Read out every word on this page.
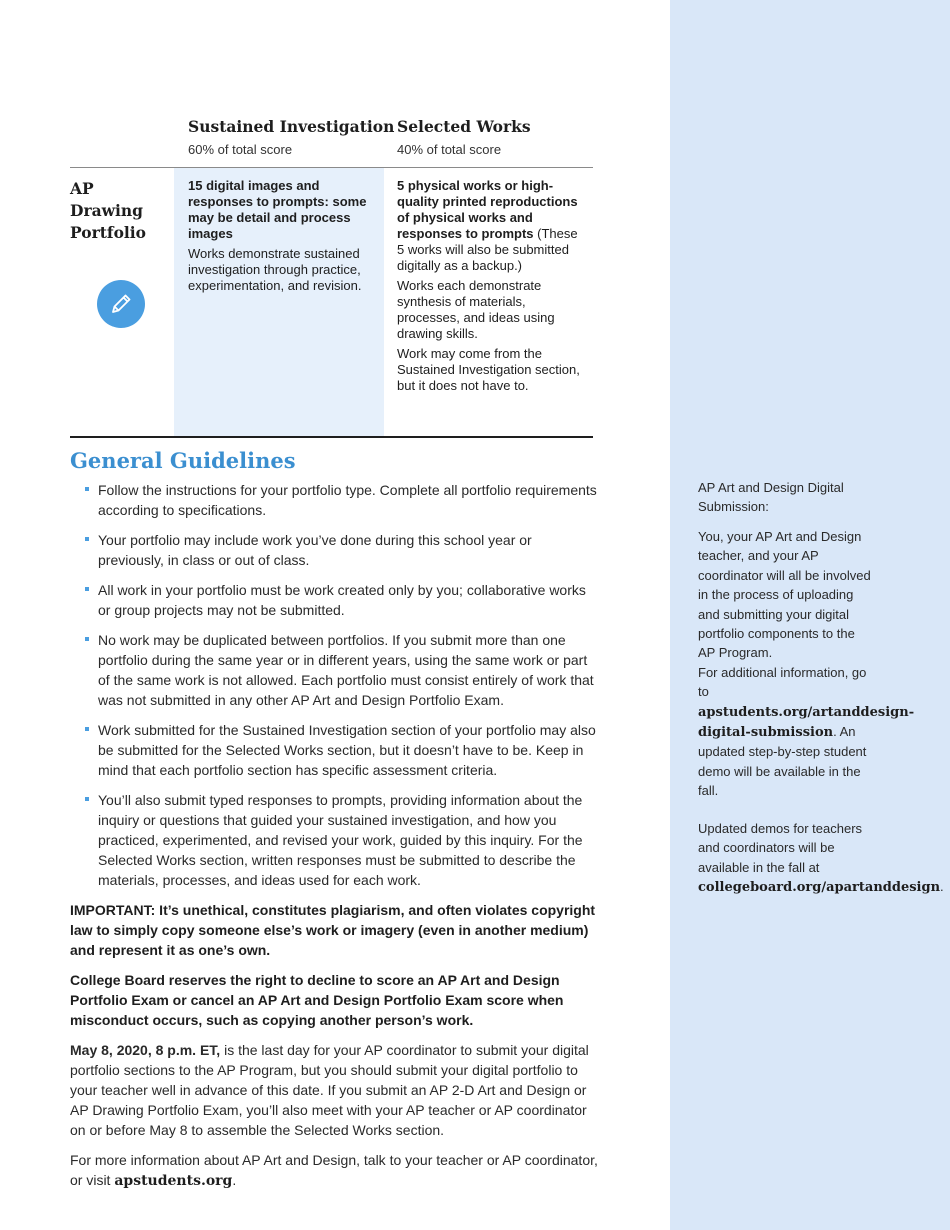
Sustained Investigation
60% of total score
Selected Works
40% of total score
AP Drawing Portfolio

15 digital images and responses to prompts: some may be detail and process images

Works demonstrate sustained investigation through practice, experimentation, and revision.

5 physical works or high-quality printed reproductions of physical works and responses to prompts (These 5 works will also be submitted digitally as a backup.)

Works each demonstrate synthesis of materials, processes, and ideas using drawing skills.

Work may come from the Sustained Investigation section, but it does not have to.

General Guidelines
Follow the instructions for your portfolio type. Complete all portfolio requirements according to specifications.
Your portfolio may include work you’ve done during this school year or previously, in class or out of class.
All work in your portfolio must be work created only by you; collaborative works or group projects may not be submitted.
No work may be duplicated between portfolios. If you submit more than one portfolio during the same year or in different years, using the same work or part of the same work is not allowed. Each portfolio must consist entirely of work that was not submitted in any other AP Art and Design Portfolio Exam.
Work submitted for the Sustained Investigation section of your portfolio may also be submitted for the Selected Works section, but it doesn’t have to be. Keep in mind that each portfolio section has specific assessment criteria.
You’ll also submit typed responses to prompts, providing information about the inquiry or questions that guided your sustained investigation, and how you practiced, experimented, and revised your work, guided by this inquiry. For the Selected Works section, written responses must be submitted to describe the materials, processes, and ideas used for each work.

IMPORTANT: It’s unethical, constitutes plagiarism, and often violates copyright law to simply copy someone else’s work or imagery (even in another medium) and represent it as one’s own.

College Board reserves the right to decline to score an AP Art and Design Portfolio Exam or cancel an AP Art and Design Portfolio Exam score when misconduct occurs, such as copying another person’s work.

May 8, 2020, 8 p.m. ET, is the last day for your AP coordinator to submit your digital portfolio sections to the AP Program, but you should submit your digital portfolio to your teacher well in advance of this date. If you submit an AP 2-D Art and Design or AP Drawing Portfolio Exam, you’ll also meet with your AP teacher or AP coordinator on or before May 8 to assemble the Selected Works section.

For more information about AP Art and Design, talk to your teacher or AP coordinator, or visit apstudents.org.

AP Art and Design Digital Submission:

You, your AP Art and Design teacher, and your AP coordinator will all be involved in the process of uploading and submitting your digital portfolio components to the AP Program.
For additional information, go to apstudents.org/artanddesign-digital-submission. An updated step-by-step student demo will be available in the fall.

Updated demos for teachers and coordinators will be available in the fall at collegeboard.org/apartanddesign.
